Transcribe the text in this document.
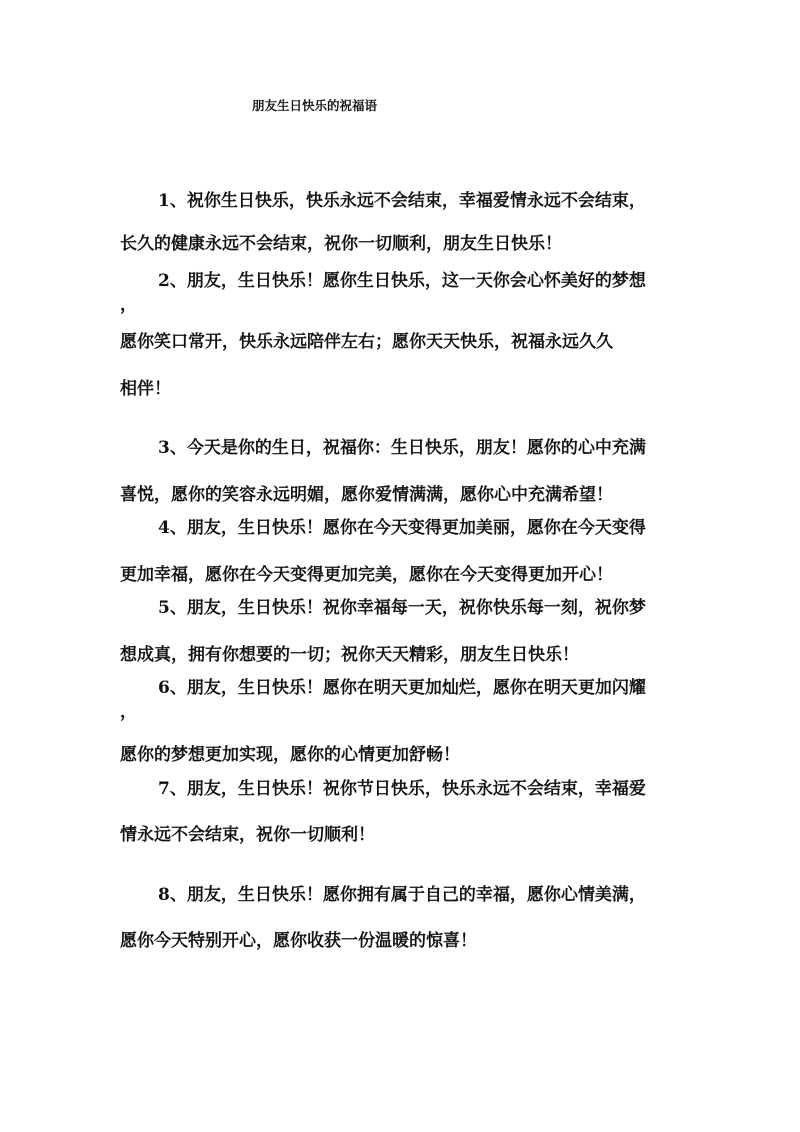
朋友生日快乐的祝福语
1、祝你生日快乐，快乐永远不会结束，幸福爱情永远不会结束，
长久的健康永远不会结束，祝你一切顺利，朋友生日快乐！
2、朋友，生日快乐！愿你生日快乐，这一天你会心怀美好的梦想
，
愿你笑口常开，快乐永远陪伴左右；愿你天天快乐，祝福永远久久
相伴！
3、今天是你的生日，祝福你：生日快乐，朋友！愿你的心中充满
喜悦，愿你的笑容永远明媚，愿你爱情满满，愿你心中充满希望！
4、朋友，生日快乐！愿你在今天变得更加美丽，愿你在今天变得
更加幸福，愿你在今天变得更加完美，愿你在今天变得更加开心！
5、朋友，生日快乐！祝你幸福每一天，祝你快乐每一刻，祝你梦
想成真，拥有你想要的一切；祝你天天精彩，朋友生日快乐！
6、朋友，生日快乐！愿你在明天更加灿烂，愿你在明天更加闪耀
，
愿你的梦想更加实现，愿你的心情更加舒畅！
7、朋友，生日快乐！祝你节日快乐，快乐永远不会结束，幸福爱
情永远不会结束，祝你一切顺利！
8、朋友，生日快乐！愿你拥有属于自己的幸福，愿你心情美满，
愿你今天特别开心，愿你收获一份温暖的惊喜！
